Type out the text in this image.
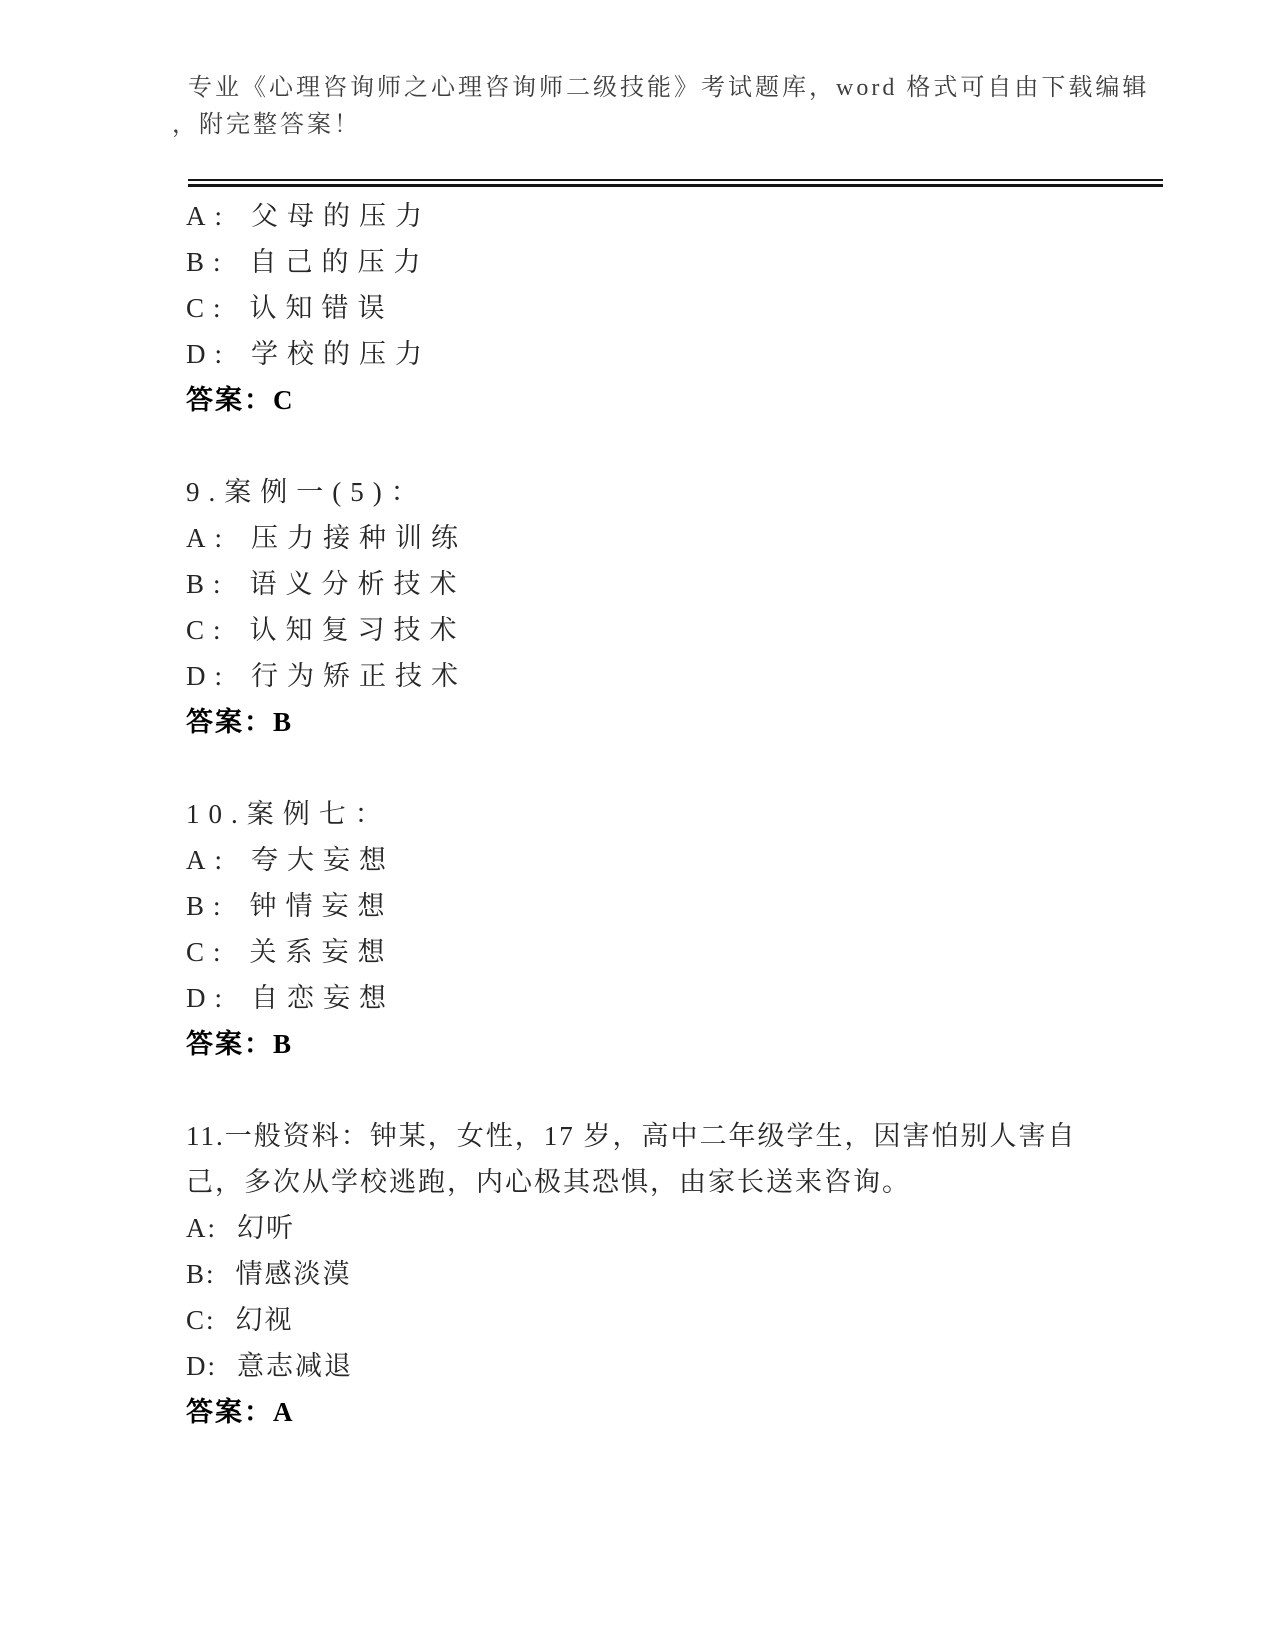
专业《心理咨询师之心理咨询师二级技能》考试题库，word 格式可自由下载编辑
，附完整答案！
A: 父母的压力
B: 自己的压力
C: 认知错误
D: 学校的压力
答案：C
9.案例一(5)：
A: 压力接种训练
B: 语义分析技术
C: 认知复习技术
D: 行为矫正技术
答案：B
10.案例七：
A: 夸大妄想
B: 钟情妄想
C: 关系妄想
D: 自恋妄想
答案：B
11.一般资料：钟某，女性，17 岁，高中二年级学生，因害怕别人害自
己，多次从学校逃跑，内心极其恐惧，由家长送来咨询。
A: 幻听
B: 情感淡漠
C: 幻视
D: 意志减退
答案：A
